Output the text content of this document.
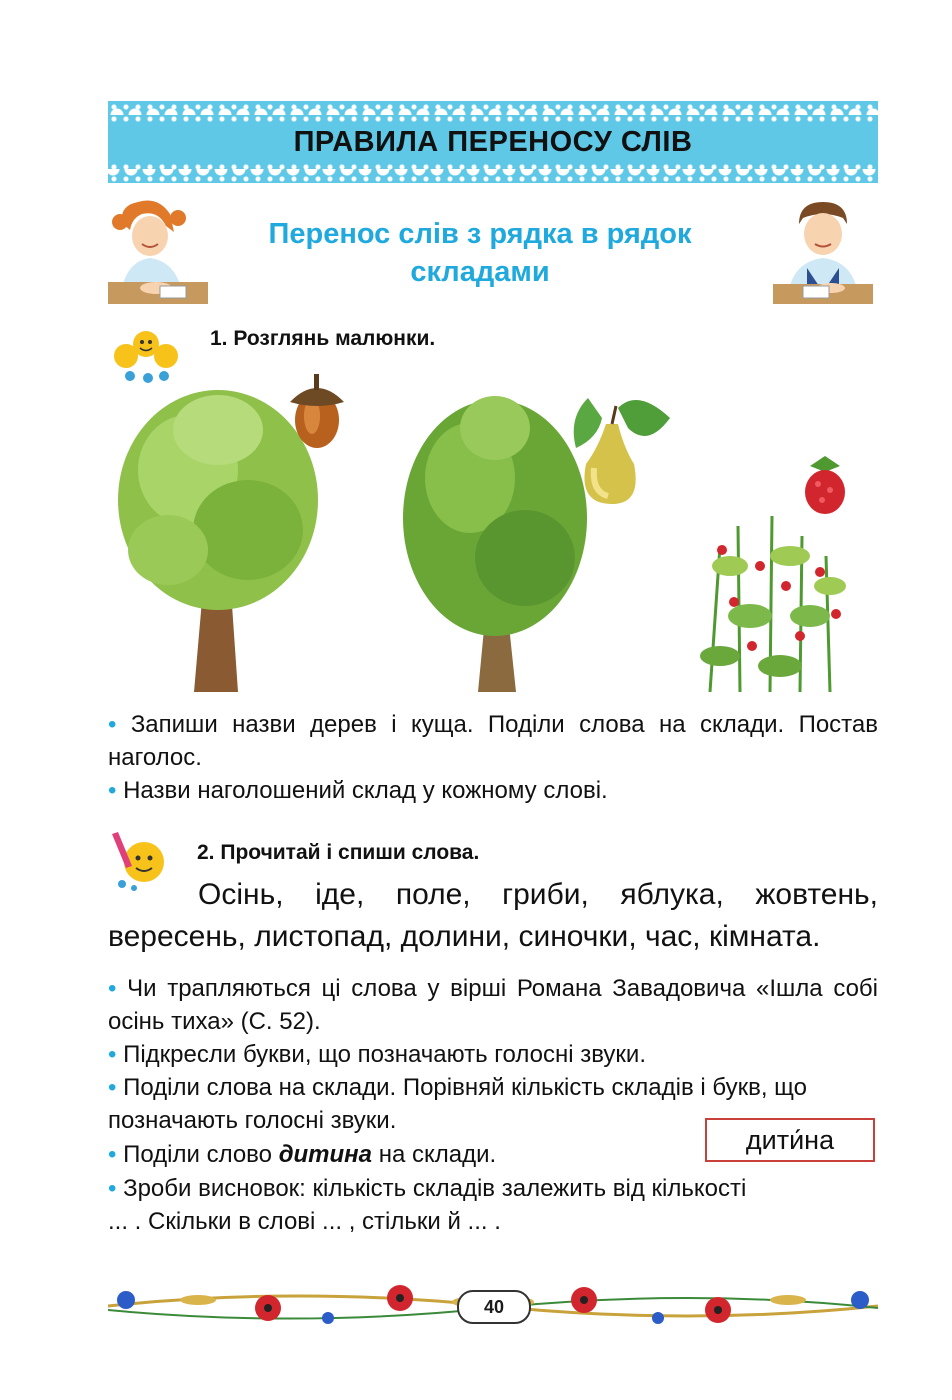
ПРАВИЛА ПЕРЕНОСУ СЛІВ
Перенос слів з рядка в рядок
складами
1. Розглянь малюнки.
• Запиши назви дерев і куща. Поділи слова на склади. Постав наголос.
• Назви наголошений склад у кожному слові.
2. Прочитай і спиши слова.
Осінь, іде, поле, гриби, яблука, жовтень,
вересень, листопад, долини, синочки, час, кімната.
• Чи трапляються ці слова у вірші Романа Завадовича «Ішла собі осінь тиха» (С. 52).
• Підкресли букви, що позначають голосні звуки.
• Поділи слова на склади. Порівняй кількість складів і букв, що позначають голосні звуки.
• Поділи слово дитина на склади.
• Зроби висновок: кількість складів залежить від кількості
... . Скільки в слові ... , стільки й ... .
дити́на
40
